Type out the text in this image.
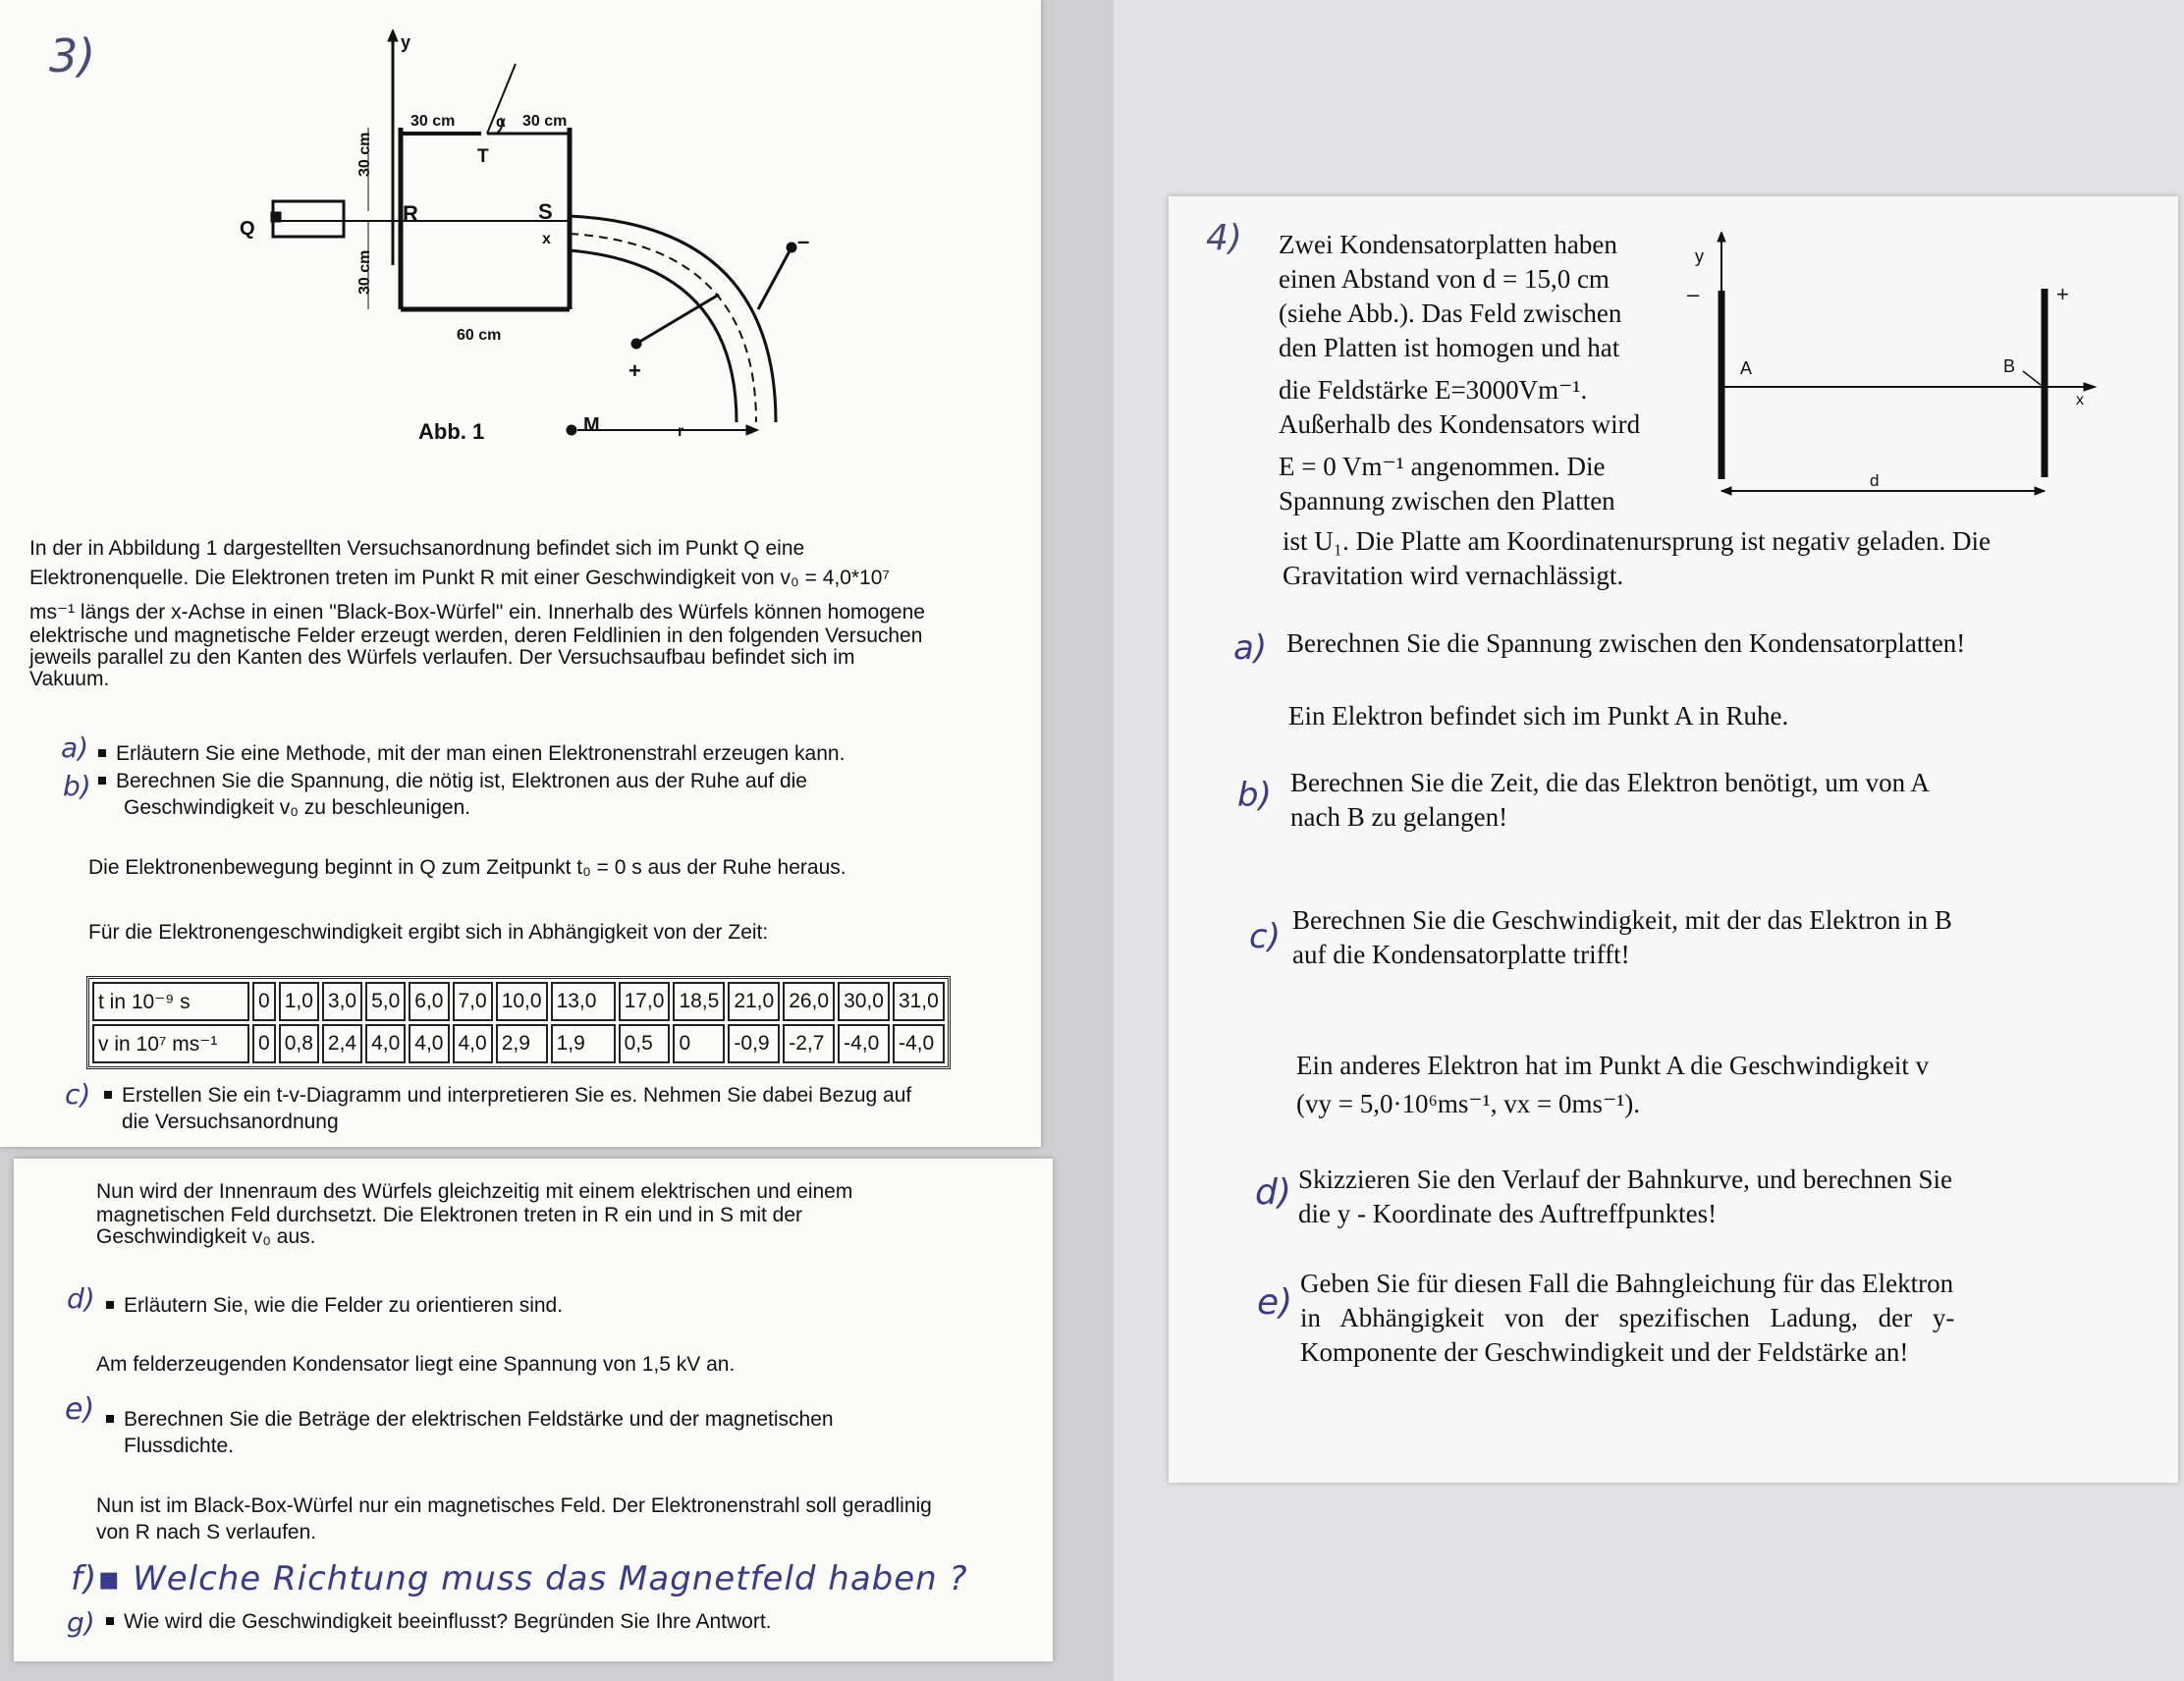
3)	y
30 cm	α 30 cm
T
30 cm
30 cm
Q
R	S
x
60 cm
–
+
Abb. 1	M	r
In der in Abbildung 1 dargestellten Versuchsanordnung befindet sich im Punkt Q eine
Elektronenquelle. Die Elektronen treten im Punkt R mit einer Geschwindigkeit von v₀ = 4,0*10⁷
ms⁻¹ längs der x-Achse in einen "Black-Box-Würfel" ein. Innerhalb des Würfels können homogene
elektrische und magnetische Felder erzeugt werden, deren Feldlinien in den folgenden Versuchen
jeweils parallel zu den Kanten des Würfels verlaufen. Der Versuchsaufbau befindet sich im
Vakuum.
a)	Erläutern Sie eine Methode, mit der man einen Elektronenstrahl erzeugen kann.
b)	Berechnen Sie die Spannung, die nötig ist, Elektronen aus der Ruhe auf die
Geschwindigkeit v₀ zu beschleunigen.
Die Elektronenbewegung beginnt in Q zum Zeitpunkt t₀ = 0 s aus der Ruhe heraus.
Für die Elektronengeschwindigkeit ergibt sich in Abhängigkeit von der Zeit:
t in 10⁻⁹ s	0	1,0	3,0	5,0	6,0	7,0	10,0	13,0	17,0	18,5	21,0	26,0	30,0	31,0
v in 10⁷ ms⁻¹	0	0,8	2,4	4,0	4,0	4,0	2,9	1,9	0,5	0	-0,9	-2,7	-4,0	-4,0
c)	Erstellen Sie ein t-v-Diagramm und interpretieren Sie es. Nehmen Sie dabei Bezug auf
die Versuchsanordnung
Nun wird der Innenraum des Würfels gleichzeitig mit einem elektrischen und einem
magnetischen Feld durchsetzt. Die Elektronen treten in R ein und in S mit der
Geschwindigkeit v₀ aus.
d)	Erläutern Sie, wie die Felder zu orientieren sind.
Am felderzeugenden Kondensator liegt eine Spannung von 1,5 kV an.
e)	Berechnen Sie die Beträge der elektrischen Feldstärke und der magnetischen
Flussdichte.
Nun ist im Black-Box-Würfel nur ein magnetisches Feld. Der Elektronenstrahl soll geradlinig
von R nach S verlaufen.
f)▪ Welche Richtung muss das Magnetfeld haben ?
g)	Wie wird die Geschwindigkeit beeinflusst? Begründen Sie Ihre Antwort.
4) Zwei Kondensatorplatten haben
einen Abstand von d = 15,0 cm
(siehe Abb.). Das Feld zwischen
den Platten ist homogen und hat
die Feldstärke E=3000Vm⁻¹.
Außerhalb des Kondensators wird
E = 0 Vm⁻¹ angenommen. Die
Spannung zwischen den Platten
ist U₁. Die Platte am Koordinatenursprung ist negativ geladen. Die
Gravitation wird vernachlässigt.
y
–	+
A	B
x
d
a) Berechnen Sie die Spannung zwischen den Kondensatorplatten!
Ein Elektron befindet sich im Punkt A in Ruhe.
b) Berechnen Sie die Zeit, die das Elektron benötigt, um von A
nach B zu gelangen!
c) Berechnen Sie die Geschwindigkeit, mit der das Elektron in B
auf die Kondensatorplatte trifft!
Ein anderes Elektron hat im Punkt A die Geschwindigkeit v
(vy = 5,0·10⁶ms⁻¹, vx = 0ms⁻¹).
d) Skizzieren Sie den Verlauf der Bahnkurve, und berechnen Sie
die y - Koordinate des Auftreffpunktes!
e) Geben Sie für diesen Fall die Bahngleichung für das Elektron
in Abhängigkeit von der spezifischen Ladung, der y-
Komponente der Geschwindigkeit und der Feldstärke an!
